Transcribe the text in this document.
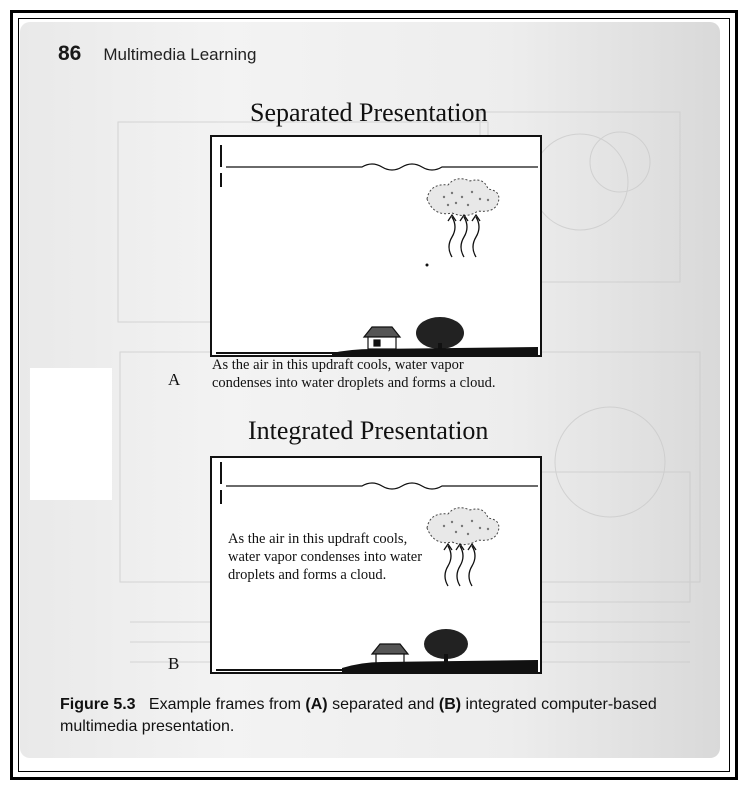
86 Multimedia Learning
Separated Presentation
A
As the air in this updraft cools, water vapor
condenses into water droplets and forms a cloud.
Integrated Presentation
As the air in this updraft cools,
water vapor condenses into water
droplets and forms a cloud.
B
Figure 5.3 Example frames from (A) separated and (B) integrated computer-based multimedia presentation.
